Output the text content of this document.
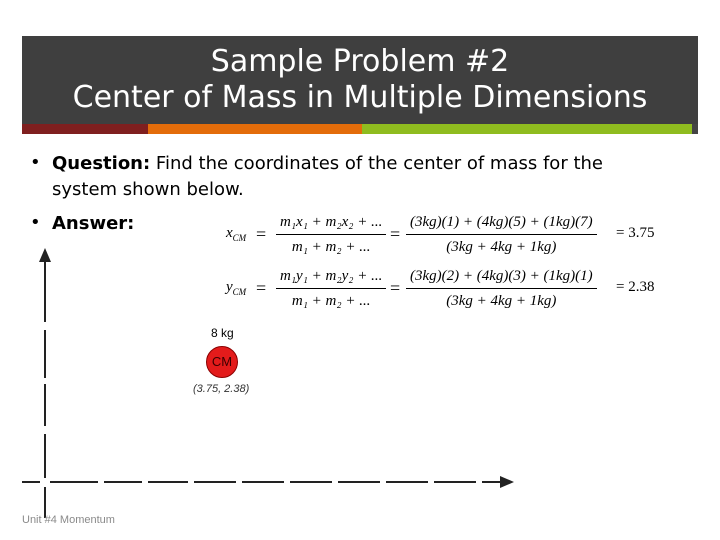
Sample Problem #2
Center of Mass in Multiple Dimensions
• Question: Find the coordinates of the center of mass for the
system shown below.
• Answer:	$x_{CM} = \frac{\text{m₁x₁ + m₂x₂ + ...}}{\text{m₁ + m₂ + ...}} = \frac{(3kg)(1) + (4kg)(5) + (1kg)(7)}{(3kg + 4kg + 1kg)} = 3.75$
$y_{CM} = \frac{\text{m₁y₁ + m₂y₂ + ...}}{\text{m₁ + m₂ + ...}} = \frac{(3kg)(2) + (4kg)(3) + (1kg)(1)}{(3kg + 4kg + 1kg)} = 2.38$
8 kg
CM
(3.75, 2.38)
Unit #4 Momentum
